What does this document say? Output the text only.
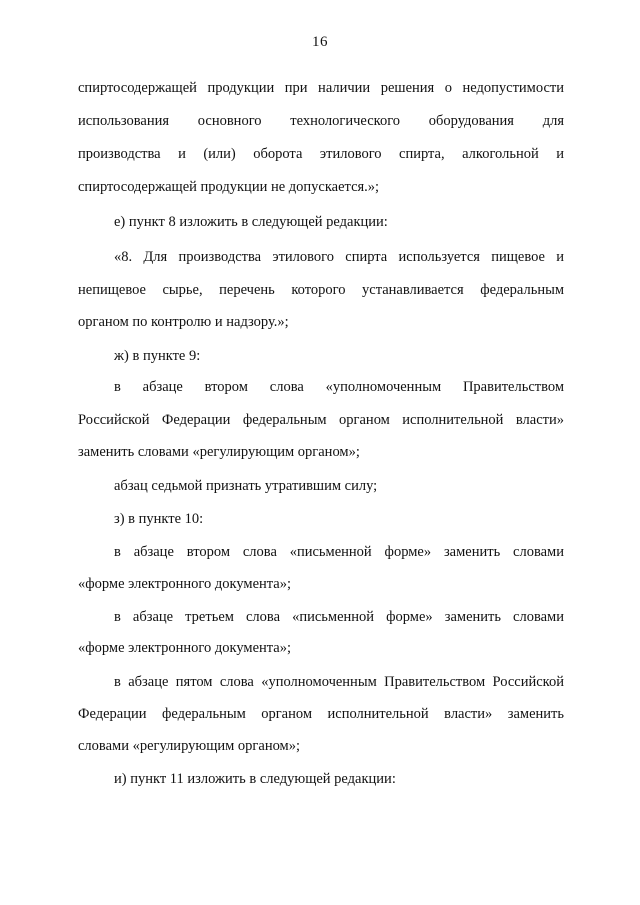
16
спиртосодержащей продукции при наличии решения о недопустимости
использования основного технологического оборудования для
производства и (или) оборота этилового спирта, алкогольной и
спиртосодержащей продукции не допускается.»;
е) пункт 8 изложить в следующей редакции:
«8. Для производства этилового спирта используется пищевое и
непищевое сырье, перечень которого устанавливается федеральным
органом по контролю и надзору.»;
ж) в пункте 9:
в абзаце втором слова «уполномоченным Правительством
Российской Федерации федеральным органом исполнительной власти»
заменить словами «регулирующим органом»;
абзац седьмой признать утратившим силу;
з) в пункте 10:
в абзаце втором слова «письменной форме» заменить словами
«форме электронного документа»;
в абзаце третьем слова «письменной форме» заменить словами
«форме электронного документа»;
в абзаце пятом слова «уполномоченным Правительством Российской
Федерации федеральным органом исполнительной власти» заменить
словами «регулирующим органом»;
и) пункт 11 изложить в следующей редакции:
